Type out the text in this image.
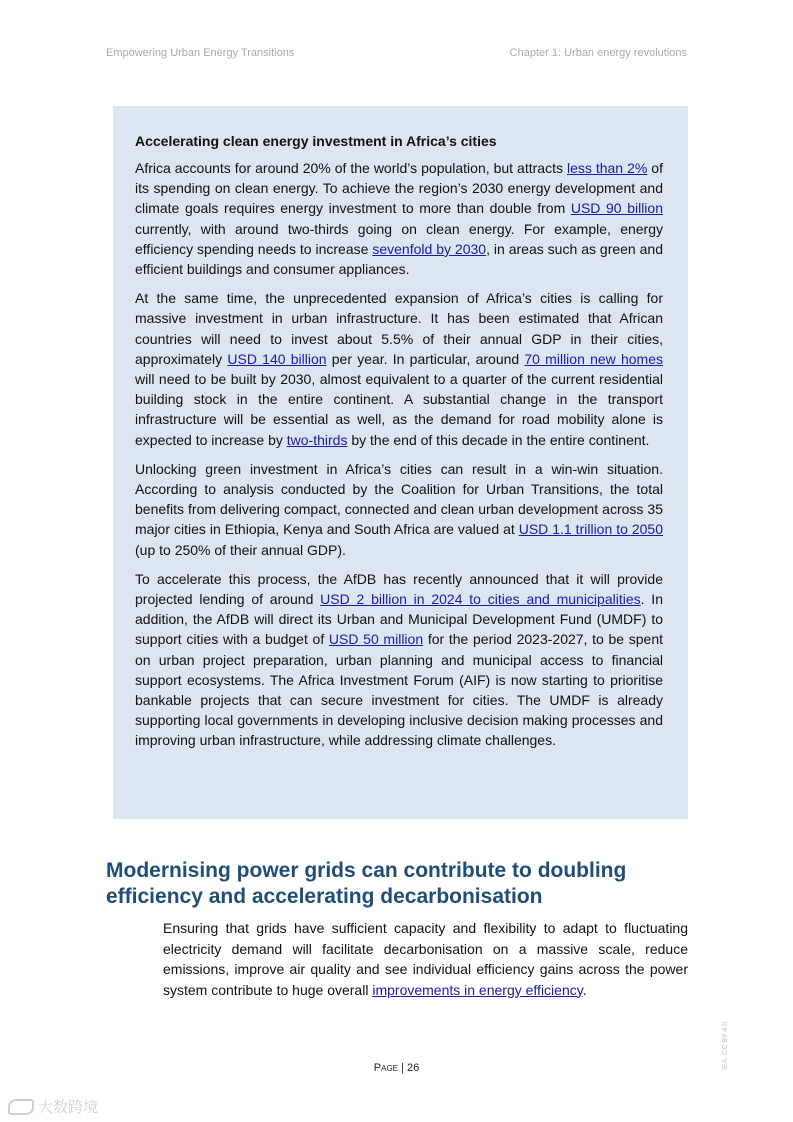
Empowering Urban Energy Transitions	Chapter 1: Urban energy revolutions

Accelerating clean energy investment in Africa’s cities

Africa accounts for around 20% of the world’s population, but attracts less than 2% of its spending on clean energy. To achieve the region’s 2030 energy development and climate goals requires energy investment to more than double from USD 90 billion currently, with around two-thirds going on clean energy. For example, energy efficiency spending needs to increase sevenfold by 2030, in areas such as green and efficient buildings and consumer appliances.

At the same time, the unprecedented expansion of Africa’s cities is calling for massive investment in urban infrastructure. It has been estimated that African countries will need to invest about 5.5% of their annual GDP in their cities, approximately USD 140 billion per year. In particular, around 70 million new homes will need to be built by 2030, almost equivalent to a quarter of the current residential building stock in the entire continent. A substantial change in the transport infrastructure will be essential as well, as the demand for road mobility alone is expected to increase by two-thirds by the end of this decade in the entire continent.

Unlocking green investment in Africa’s cities can result in a win-win situation. According to analysis conducted by the Coalition for Urban Transitions, the total benefits from delivering compact, connected and clean urban development across 35 major cities in Ethiopia, Kenya and South Africa are valued at USD 1.1 trillion to 2050 (up to 250% of their annual GDP).

To accelerate this process, the AfDB has recently announced that it will provide projected lending of around USD 2 billion in 2024 to cities and municipalities. In addition, the AfDB will direct its Urban and Municipal Development Fund (UMDF) to support cities with a budget of USD 50 million for the period 2023-2027, to be spent on urban project preparation, urban planning and municipal access to financial support ecosystems. The Africa Investment Forum (AIF) is now starting to prioritise bankable projects that can secure investment for cities. The UMDF is already supporting local governments in developing inclusive decision making processes and improving urban infrastructure, while addressing climate challenges.

Modernising power grids can contribute to doubling efficiency and accelerating decarbonisation

Ensuring that grids have sufficient capacity and flexibility to adapt to fluctuating electricity demand will facilitate decarbonisation on a massive scale, reduce emissions, improve air quality and see individual efficiency gains across the power system contribute to huge overall improvements in energy efficiency.

Page | 26	IEA. CC BY 4.0.
大数跨境
